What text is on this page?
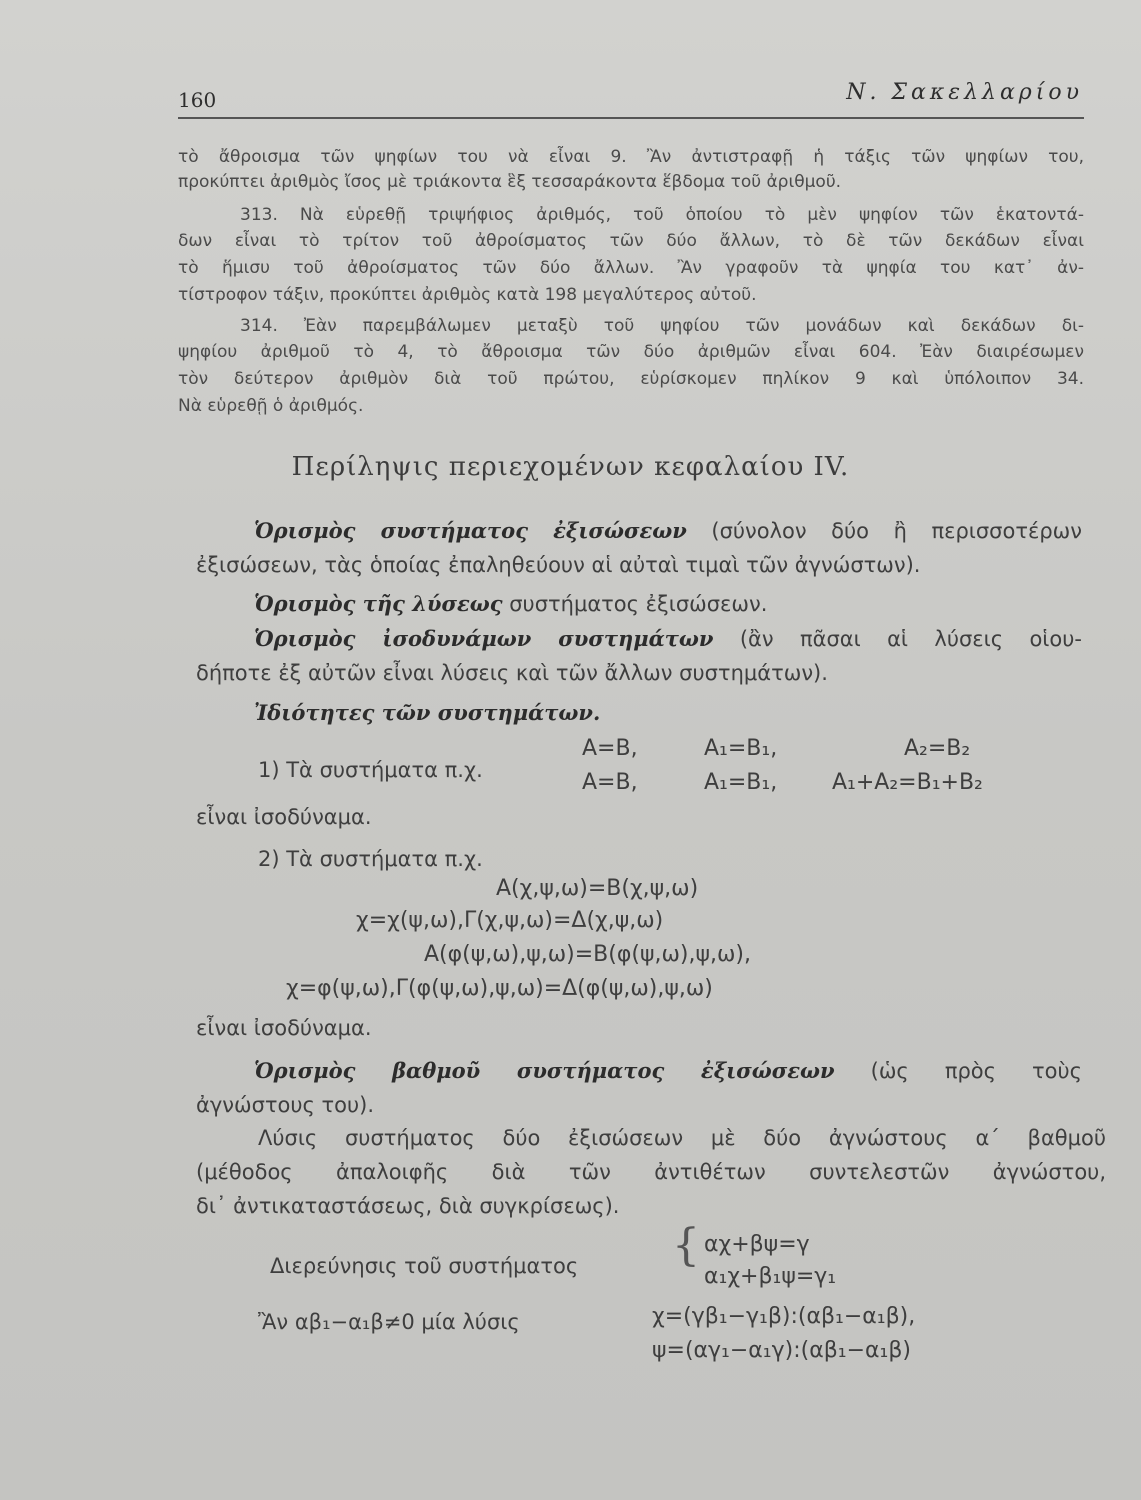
160	Ν. Σακελλαρίου
τὸ ἄθροισμα τῶν ψηφίων του νὰ εἶναι 9. Ἂν ἀντιστραφῇ ἡ τάξις τῶν ψηφίων του,
προκύπτει ἀριθμὸς ἴσος μὲ τριάκοντα ἓξ τεσσαράκοντα ἕβδομα τοῦ ἀριθμοῦ.
313. Νὰ εὑρεθῇ τριψήφιος ἀριθμός, τοῦ ὁποίου τὸ μὲν ψηφίον τῶν ἑκατοντά-
δων εἶναι τὸ τρίτον τοῦ ἀθροίσματος τῶν δύο ἄλλων, τὸ δὲ τῶν δεκάδων εἶναι
τὸ ἥμισυ τοῦ ἀθροίσματος τῶν δύο ἄλλων. Ἂν γραφοῦν τὰ ψηφία του κατ᾽ ἀν-
τίστροφον τάξιν, προκύπτει ἀριθμὸς κατὰ 198 μεγαλύτερος αὐτοῦ.
314. Ἐὰν παρεμβάλωμεν μεταξὺ τοῦ ψηφίου τῶν μονάδων καὶ δεκάδων δι-
ψηφίου ἀριθμοῦ τὸ 4, τὸ ἄθροισμα τῶν δύο ἀριθμῶν εἶναι 604. Ἐὰν διαιρέσωμεν
τὸν δεύτερον ἀριθμὸν διὰ τοῦ πρώτου, εὑρίσκομεν πηλίκον 9 καὶ ὑπόλοιπον 34.
Νὰ εὑρεθῇ ὁ ἀριθμός.
Περίληψις περιεχομένων κεφαλαίου IV.
Ὁρισμὸς συστήματος ἐξισώσεων (σύνολον δύο ἢ περισσοτέρων
ἐξισώσεων, τὰς ὁποίας ἐπαληθεύουν αἱ αὐταὶ τιμαὶ τῶν ἀγνώστων).
Ὁρισμὸς τῆς λύσεως συστήματος ἐξισώσεων.
Ὁρισμὸς ἰσοδυνάμων συστημάτων (ἂν πᾶσαι αἱ λύσεις οἱου-
δήποτε ἐξ αὐτῶν εἶναι λύσεις καὶ τῶν ἄλλων συστημάτων).
Ἰδιότητες τῶν συστημάτων.
1) Τὰ συστήματα π.χ.
A=B,	A₁=B₁,	A₂=B₂
A=B,	A₁=B₁, A₁+A₂=B₁+B₂
εἶναι ἰσοδύναμα.
2) Τὰ συστήματα π.χ.
A(χ,ψ,ω)=B(χ,ψ,ω)
χ=χ(ψ,ω),Γ(χ,ψ,ω)=Δ(χ,ψ,ω)
A(φ(ψ,ω),ψ,ω)=B(φ(ψ,ω),ψ,ω),
χ=φ(ψ,ω),Γ(φ(ψ,ω),ψ,ω)=Δ(φ(ψ,ω),ψ,ω)
εἶναι ἰσοδύναμα.
Ὁρισμὸς βαθμοῦ συστήματος ἐξισώσεων (ὡς πρὸς τοὺς
ἀγνώστους του).
Λύσις συστήματος δύο ἐξισώσεων μὲ δύο ἀγνώστους α΄ βαθμοῦ
(μέθοδος ἀπαλοιφῆς διὰ τῶν ἀντιθέτων συντελεστῶν ἀγνώστου,
δι᾽ ἀντικαταστάσεως, διὰ συγκρίσεως).
Διερεύνησις τοῦ συστήματος { αχ+βψ=γ
α₁χ+β₁ψ=γ₁
Ἂν αβ₁−α₁β≠0 μία λύσις	χ=(γβ₁−γ₁β):(αβ₁−α₁β),
ψ=(αγ₁−α₁γ):(αβ₁−α₁β)
